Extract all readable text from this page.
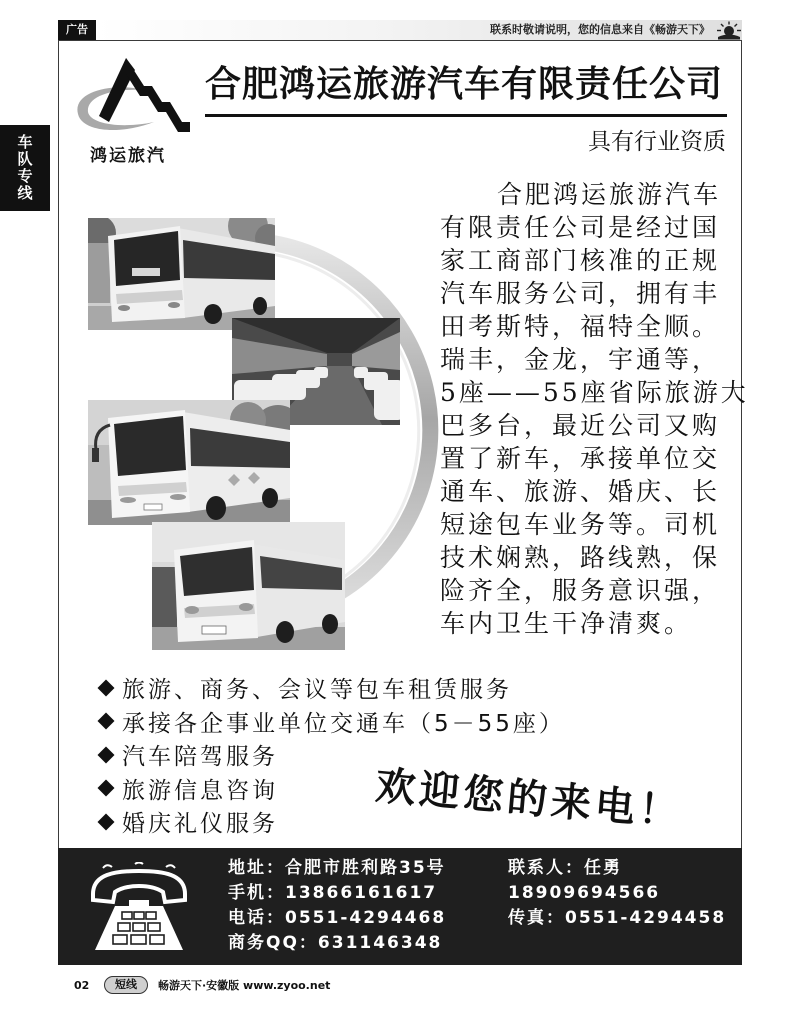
广告	联系时敬请说明，您的信息来自《畅游天下》
车队专线	鸿运旅汽
合肥鸿运旅游汽车有限责任公司
具有行业资质
合肥鸿运旅游汽车
有限责任公司是经过国
家工商部门核准的正规
汽车服务公司，拥有丰
田考斯特，福特全顺。
瑞丰，金龙，宇通等，
5座——55座省际旅游大
巴多台，最近公司又购
置了新车，承接单位交
通车、旅游、婚庆、长
短途包车业务等。司机
技术娴熟，路线熟，保
险齐全，服务意识强，
车内卫生干净清爽。
旅游、商务、会议等包车租赁服务
承接各企事业单位交通车（5－55座）
汽车陪驾服务
旅游信息咨询
婚庆礼仪服务 欢迎您的来电！
地址：合肥市胜利路35号	联系人：任勇
手机：13866161617	18909694566
电话：0551-4294468	传真：0551-4294458
商务QQ：631146348
02	短线	畅游天下·安徽版 www.zyoo.net
